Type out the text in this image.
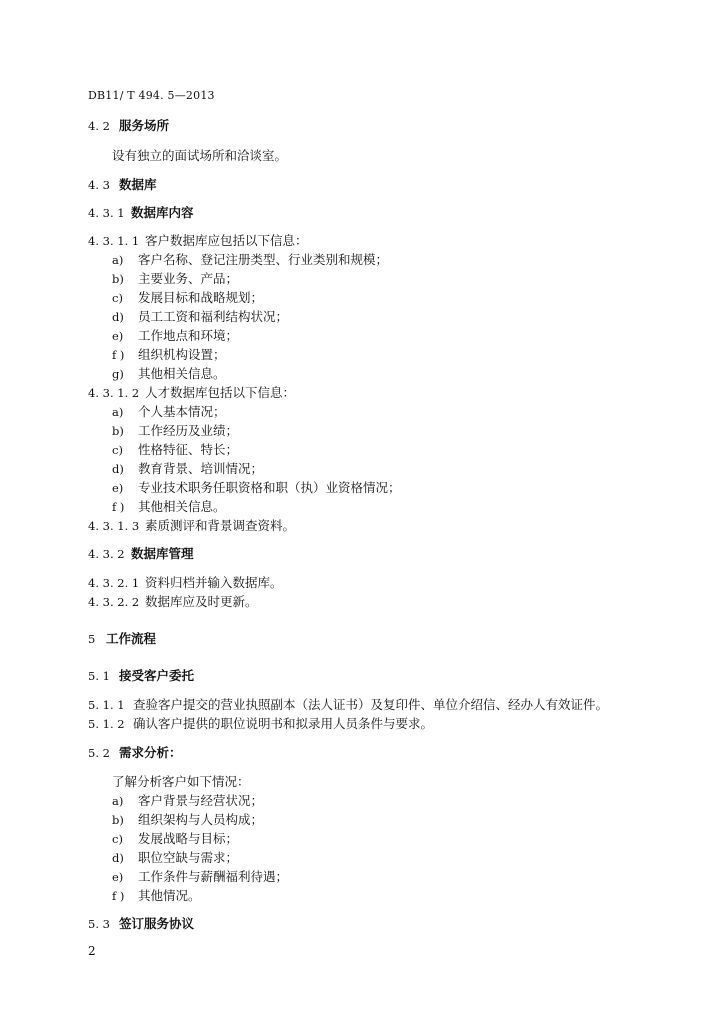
DB11/ T 494. 5—2013
4. 2 服务场所
设有独立的面试场所和洽谈室。
4. 3 数据库
4. 3. 1 数据库内容
4. 3. 1. 1 客户数据库应包括以下信息：
a) 客户名称、登记注册类型、行业类别和规模；
b) 主要业务、产品；
c) 发展目标和战略规划；
d) 员工工资和福利结构状况；
e) 工作地点和环境；
f ) 组织机构设置；
g) 其他相关信息。
4. 3. 1. 2 人才数据库包括以下信息：
a) 个人基本情况；
b) 工作经历及业绩；
c) 性格特征、特长；
d) 教育背景、培训情况；
e) 专业技术职务任职资格和职（执）业资格情况；
f ) 其他相关信息。
4. 3. 1. 3 素质测评和背景调查资料。
4. 3. 2 数据库管理
4. 3. 2. 1 资料归档并输入数据库。
4. 3. 2. 2 数据库应及时更新。
5 工作流程
5. 1 接受客户委托
5. 1. 1 查验客户提交的营业执照副本（法人证书）及复印件、单位介绍信、经办人有效证件。
5. 1. 2 确认客户提供的职位说明书和拟录用人员条件与要求。
5. 2 需求分析：
了解分析客户如下情况：
a) 客户背景与经营状况；
b) 组织架构与人员构成；
c) 发展战略与目标；
d) 职位空缺与需求；
e) 工作条件与薪酬福利待遇；
f ) 其他情况。
5. 3 签订服务协议
2
